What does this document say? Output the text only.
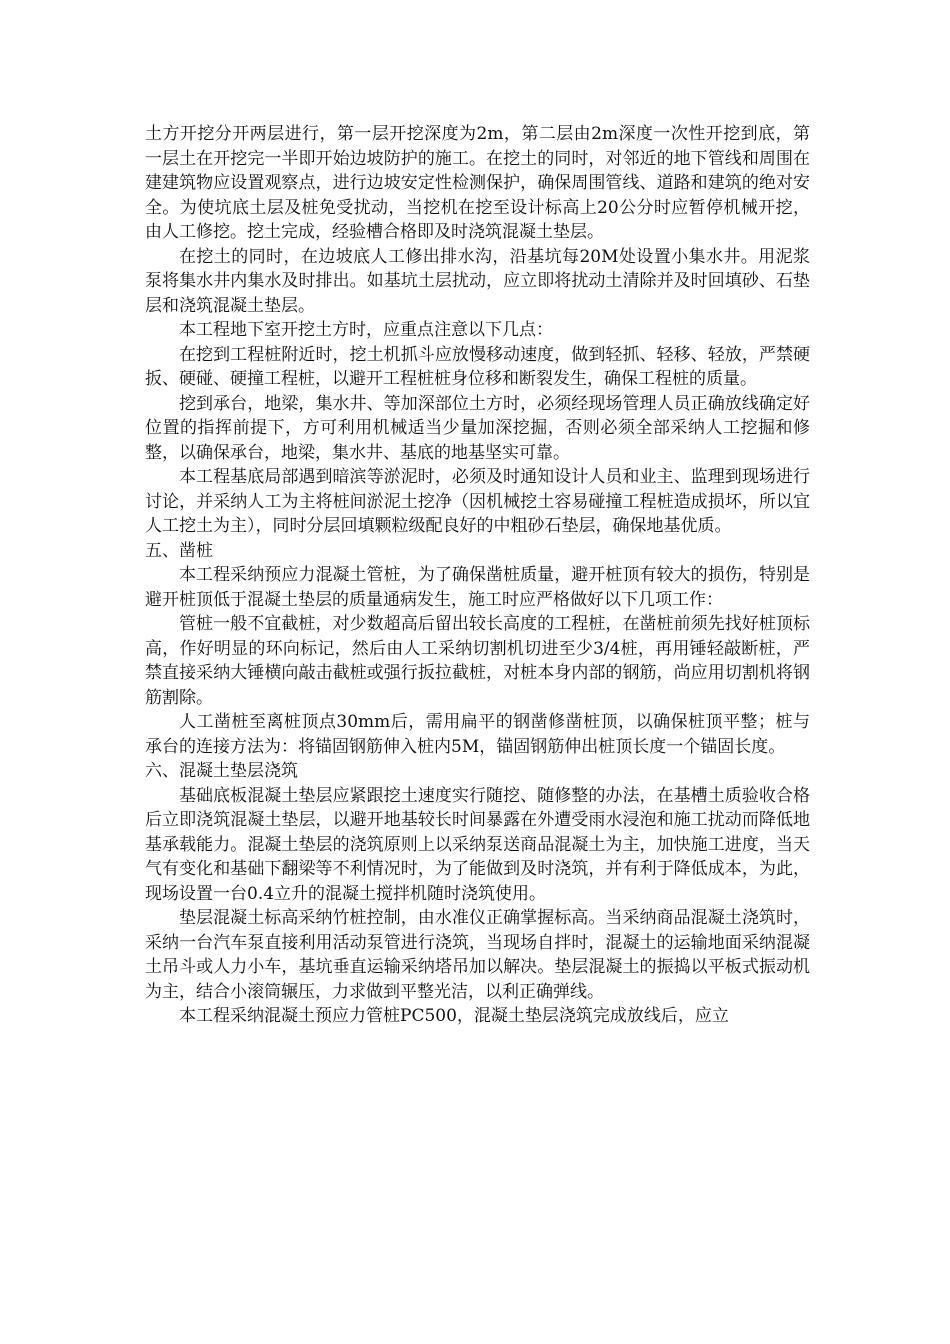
土方开挖分开两层进行，第一层开挖深度为2m，第二层由2m深度一次性开挖到底，第一层土在开挖完一半即开始边坡防护的施工。在挖土的同时，对邻近的地下管线和周围在建建筑物应设置观察点，进行边坡安定性检测保护，确保周围管线、道路和建筑的绝对安全。为使坑底土层及桩免受扰动，当挖机在挖至设计标高上20公分时应暂停机械开挖，由人工修挖。挖土完成，经验槽合格即及时浇筑混凝土垫层。

在挖土的同时，在边坡底人工修出排水沟，沿基坑每20M处设置小集水井。用泥浆泵将集水井内集水及时排出。如基坑土层扰动，应立即将扰动土清除并及时回填砂、石垫层和浇筑混凝土垫层。

本工程地下室开挖土方时，应重点注意以下几点：

在挖到工程桩附近时，挖土机抓斗应放慢移动速度，做到轻抓、轻移、轻放，严禁硬扳、硬碰、硬撞工程桩，以避开工程桩桩身位移和断裂发生，确保工程桩的质量。

挖到承台，地梁，集水井、等加深部位土方时，必须经现场管理人员正确放线确定好位置的指挥前提下，方可利用机械适当少量加深挖掘，否则必须全部采纳人工挖掘和修整，以确保承台，地梁，集水井、基底的地基坚实可靠。

本工程基底局部遇到暗滨等淤泥时，必须及时通知设计人员和业主、监理到现场进行讨论，并采纳人工为主将桩间淤泥土挖净（因机械挖土容易碰撞工程桩造成损坏，所以宜人工挖土为主），同时分层回填颗粒级配良好的中粗砂石垫层，确保地基优质。

五、凿桩

本工程采纳预应力混凝土管桩，为了确保凿桩质量，避开桩顶有较大的损伤，特别是避开桩顶低于混凝土垫层的质量通病发生，施工时应严格做好以下几项工作：

管桩一般不宜截桩，对少数超高后留出较长高度的工程桩，在凿桩前须先找好桩顶标高，作好明显的环向标记，然后由人工采纳切割机切进至少3/4桩，再用锤轻敲断桩，严禁直接采纳大锤横向敲击截桩或强行扳拉截桩，对桩本身内部的钢筋，尚应用切割机将钢筋割除。

人工凿桩至离桩顶点30mm后，需用扁平的钢凿修凿桩顶，以确保桩顶平整；桩与承台的连接方法为：将锚固钢筋伸入桩内5M，锚固钢筋伸出桩顶长度一个锚固长度。

六、混凝土垫层浇筑

基础底板混凝土垫层应紧跟挖土速度实行随挖、随修整的办法，在基槽土质验收合格后立即浇筑混凝土垫层，以避开地基较长时间暴露在外遭受雨水浸泡和施工扰动而降低地基承载能力。混凝土垫层的浇筑原则上以采纳泵送商品混凝土为主，加快施工进度，当天气有变化和基础下翻梁等不利情况时，为了能做到及时浇筑，并有利于降低成本，为此，现场设置一台0.4立升的混凝土搅拌机随时浇筑使用。

垫层混凝土标高采纳竹桩控制，由水准仪正确掌握标高。当采纳商品混凝土浇筑时，采纳一台汽车泵直接利用活动泵管进行浇筑，当现场自拌时，混凝土的运输地面采纳混凝土吊斗或人力小车，基坑垂直运输采纳塔吊加以解决。垫层混凝土的振捣以平板式振动机为主，结合小滚筒辗压，力求做到平整光洁，以利正确弹线。

本工程采纳混凝土预应力管桩PC500，混凝土垫层浇筑完成放线后，应立
